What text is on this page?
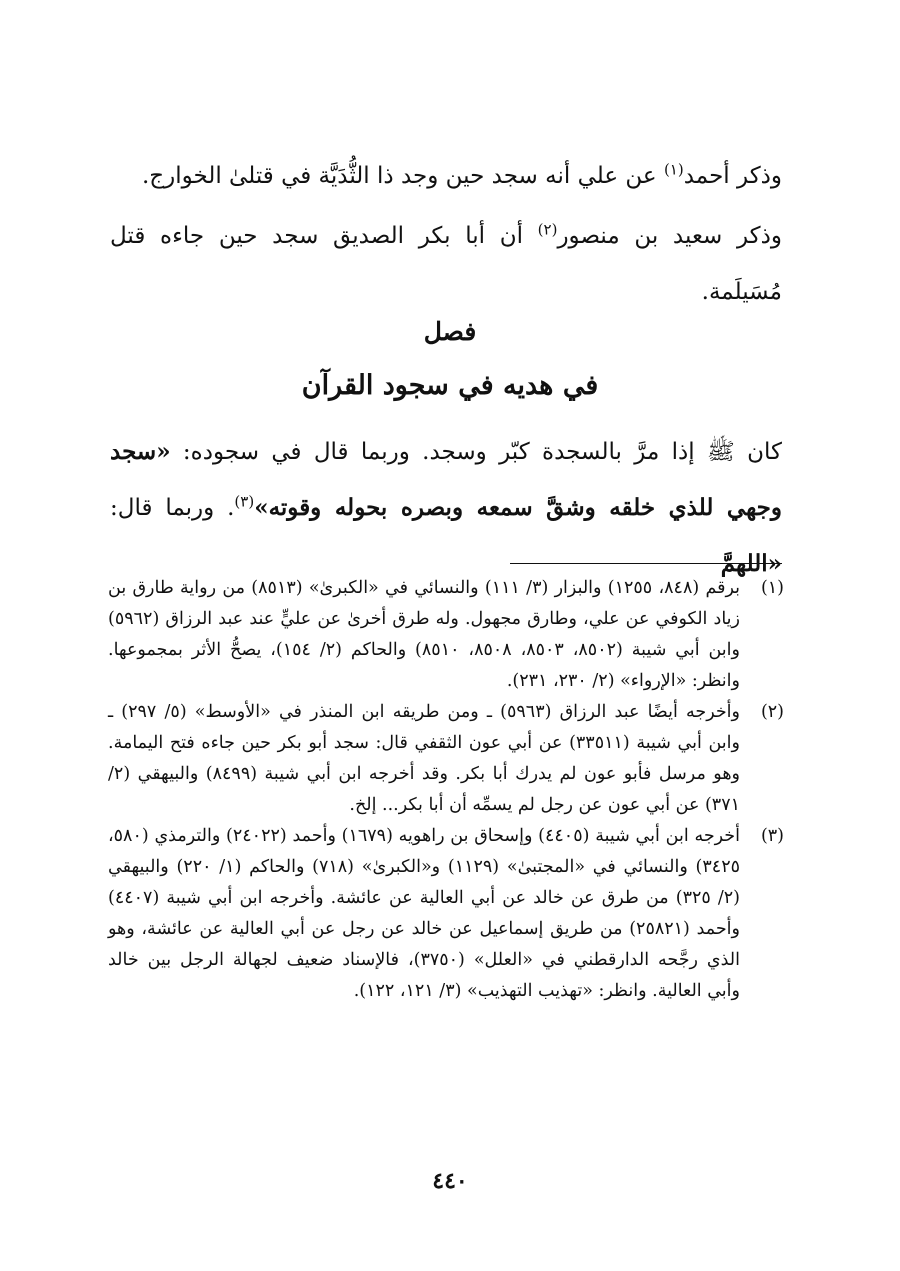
وذكر أحمد$^{(١)}$ عن علي أنه سجد حين وجد ذا الثُّدَيَّة في قتلىٰ الخوارج.

وذكر سعيد بن منصور$^{(٢)}$ أن أبا بكر الصديق سجد حين جاءه قتل مُسَيلَمة.

فصل
في هديه في سجود القرآن

كان ﷺ إذا مرَّ بالسجدة كبّر وسجد. وربما قال في سجوده: «سجد وجهي للذي خلقه وشقَّ سمعه وبصره بحوله وقوته»$^{(٣)}$. وربما قال: «اللهمَّ

(١)
برقم (٨٤٨، ١٢٥٥) والبزار (٣/ ١١١) والنسائي في «الكبرىٰ» (٨٥١٣) من رواية طارق بن زياد الكوفي عن علي، وطارق مجهول. وله طرق أخرىٰ عن عليٍّ عند عبد الرزاق (٥٩٦٢) وابن أبي شيبة (٨٥٠٢، ٨٥٠٣، ٨٥٠٨، ٨٥١٠) والحاكم (٢/ ١٥٤)، يصحُّ الأثر بمجموعها. وانظر: «الإرواء» (٢/ ٢٣٠، ٢٣١).
(٢)
وأخرجه أيضًا عبد الرزاق (٥٩٦٣) ـ ومن طريقه ابن المنذر في «الأوسط» (٥/ ٢٩٧) ـ وابن أبي شيبة (٣٣٥١١) عن أبي عون الثقفي قال: سجد أبو بكر حين جاءه فتح اليمامة. وهو مرسل فأبو عون لم يدرك أبا بكر. وقد أخرجه ابن أبي شيبة (٨٤٩٩) والبيهقي (٢/ ٣٧١) عن أبي عون عن رجل لم يسمِّه أن أبا بكر... إلخ.
(٣)
أخرجه ابن أبي شيبة (٤٤٠٥) وإسحاق بن راهويه (١٦٧٩) وأحمد (٢٤٠٢٢) والترمذي (٥٨٠، ٣٤٢٥) والنسائي في «المجتبىٰ» (١١٢٩) و«الكبرىٰ» (٧١٨) والحاكم (١/ ٢٢٠) والبيهقي (٢/ ٣٢٥) من طرق عن خالد عن أبي العالية عن عائشة. وأخرجه ابن أبي شيبة (٤٤٠٧) وأحمد (٢٥٨٢١) من طريق إسماعيل عن خالد عن رجل عن أبي العالية عن عائشة، وهو الذي رجَّحه الدارقطني في «العلل» (٣٧٥٠)، فالإسناد ضعيف لجهالة الرجل بين خالد وأبي العالية. وانظر: «تهذيب التهذيب» (٣/ ١٢١، ١٢٢).
٤٤٠
